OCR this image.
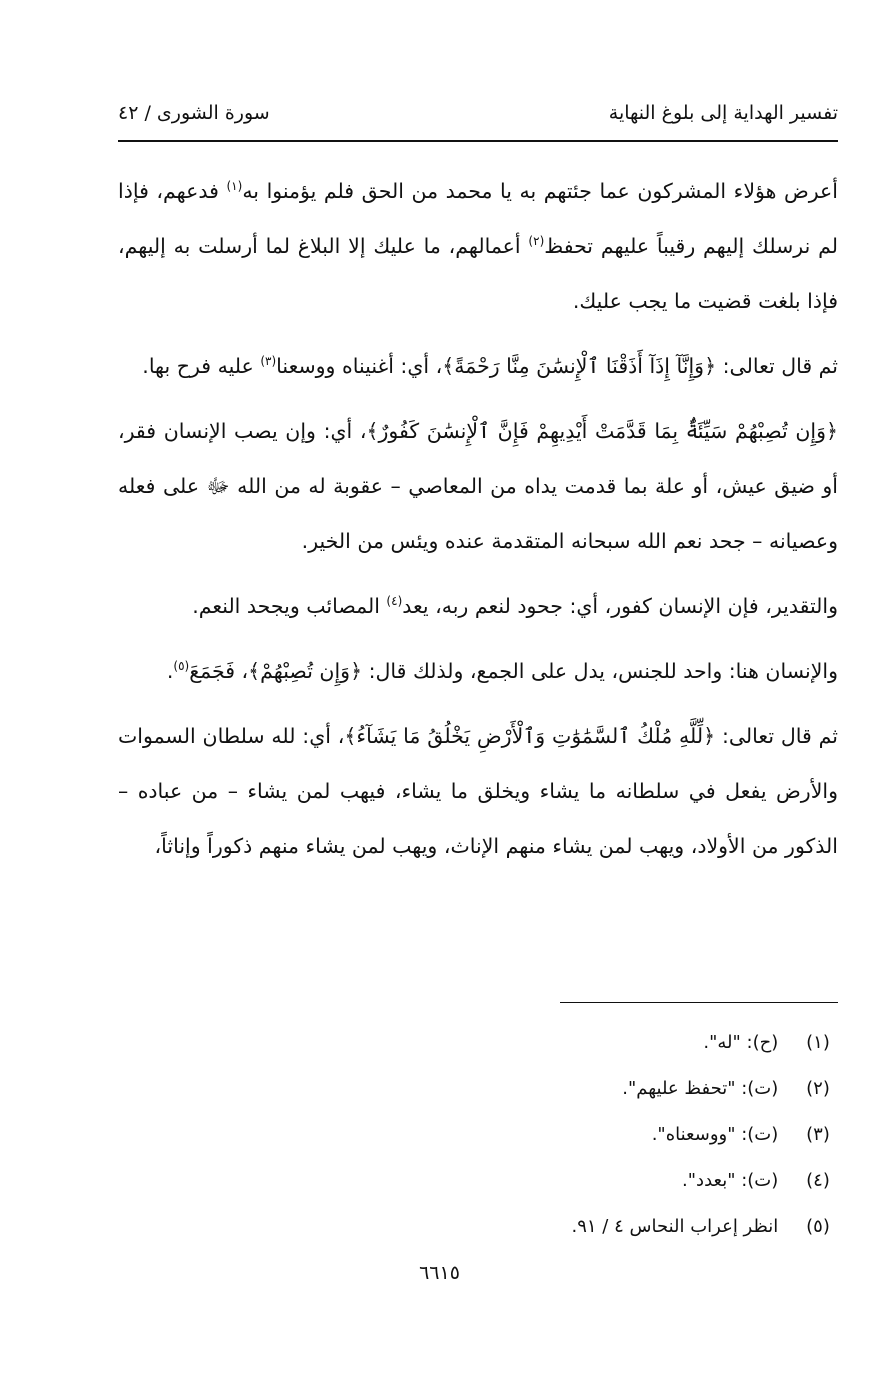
تفسير الهداية إلى بلوغ النهاية
سورة الشورى / ٤٢

أعرض هؤلاء المشركون عما جئتهم به يا محمد من الحق فلم يؤمنوا به$^{(١)}$ فدعهم، فإذا لم نرسلك إليهم رقيباً عليهم تحفظ$^{(٢)}$ أعمالهم، ما عليك إلا البلاغ لما أرسلت به إليهم، فإذا بلغت قضيت ما يجب عليك.

ثم قال تعالى: ﴿وَإِنَّآ إِذَآ أَذَقْنَا ٱلْإِنسَٰنَ مِنَّا رَحْمَةً﴾، أي: أغنيناه ووسعنا$^{(٣)}$ عليه فرح بها.

﴿وَإِن تُصِبْهُمْ سَيِّئَةٌۢ بِمَا قَدَّمَتْ أَيْدِيهِمْ فَإِنَّ ٱلْإِنسَٰنَ كَفُورٌ﴾، أي: وإن يصب الإنسان فقر، أو ضيق عيش، أو علة بما قدمت يداه من المعاصي – عقوبة له من الله ﷻ على فعله وعصيانه – جحد نعم الله سبحانه المتقدمة عنده ويئس من الخير.

والتقدير، فإن الإنسان كفور، أي: جحود لنعم ربه، يعد$^{(٤)}$ المصائب ويجحد النعم.

والإنسان هنا: واحد للجنس، يدل على الجمع، ولذلك قال: ﴿وَإِن تُصِبْهُمْ﴾، فَجَمَعَ$^{(٥)}$.

ثم قال تعالى: ﴿لِّلَّهِ مُلْكُ ٱلسَّمَٰوَٰتِ وَٱلْأَرْضِ يَخْلُقُ مَا يَشَآءُ﴾، أي: لله سلطان السموات والأرض يفعل في سلطانه ما يشاء ويخلق ما يشاء، فيهب لمن يشاء – من عباده – الذكور من الأولاد، ويهب لمن يشاء منهم الإناث، ويهب لمن يشاء منهم ذكوراً وإناثاً،

(١) (ح): "له".
(٢) (ت): "تحفظ عليهم".
(٣) (ت): "ووسعناه".
(٤) (ت): "بعدد".
(٥) انظر إعراب النحاس ٤ / ٩١.
٦٦١٥
